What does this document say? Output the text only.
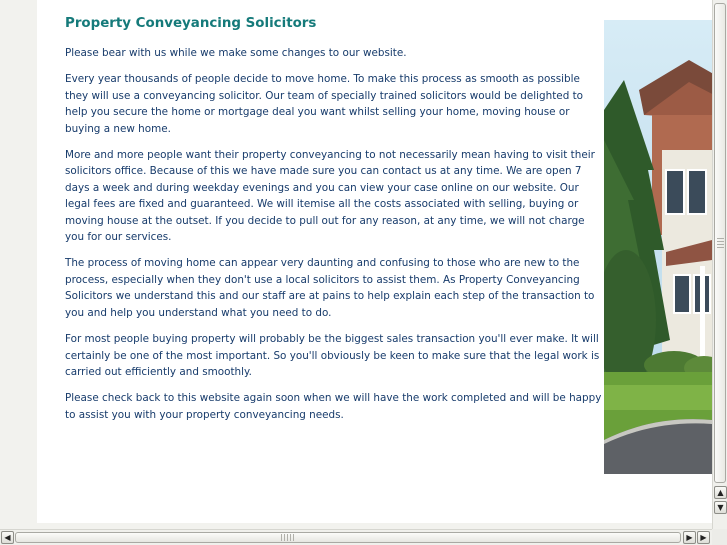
Property Conveyancing Solicitors

Please bear with us while we make some changes to our website.

Every year thousands of people decide to move home. To make this process as smooth as possible they will use a conveyancing solicitor. Our team of specially trained solicitors would be delighted to help you secure the home or mortgage deal you want whilst selling your home, moving house or buying a new home.

More and more people want their property conveyancing to not necessarily mean having to visit their solicitors office. Because of this we have made sure you can contact us at any time. We are open 7 days a week and during weekday evenings and you can view your case online on our website. Our legal fees are fixed and guaranteed. We will itemise all the costs associated with selling, buying or moving house at the outset. If you decide to pull out for any reason, at any time, we will not charge you for our services.

The process of moving home can appear very daunting and confusing to those who are new to the process, especially when they don't use a local solicitors to assist them. As Property Conveyancing Solicitors we understand this and our staff are at pains to help explain each step of the transaction to you and help you understand what you need to do.

For most people buying property will probably be the biggest sales transaction you'll ever make. It will certainly be one of the most important. So you'll obviously be keen to make sure that the legal work is carried out efficiently and smoothly.

Please check back to this website again soon when we will have the work completed and will be happy to assist you with your property conveyancing needs.

▲
▼
◀	▶ ▶
